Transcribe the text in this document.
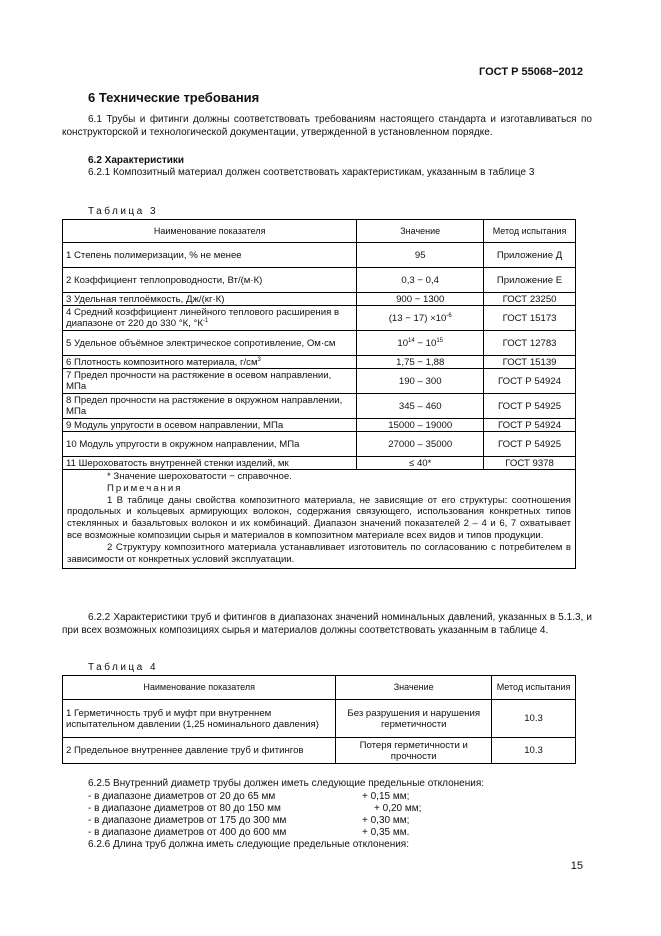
ГОСТ Р 55068−2012
6 Технические требования
6.1 Трубы и фитинги должны соответствовать требованиям настоящего стандарта и изготавливаться по конструкторской и технологической документации, утвержденной в установленном порядке.
6.2 Характеристики
6.2.1 Композитный материал должен соответствовать характеристикам, указанным в таблице 3
Таблица 3
Наименование показателя	Значение	Метод испытания
1 Степень полимеризации, % не менее	95	Приложение Д
2 Коэффициент теплопроводности, Вт/(м·К)	0,3 − 0,4	Приложение Е
3 Удельная теплоёмкость, Дж/(кг·К)	900 − 1300	ГОСТ 23250
4 Средний коэффициент линейного теплового расширения в диапазоне от 220 до 330 °К, $^\circ К^{-1}$	$(13 - 17) \times 10^{-6}$	ГОСТ 15173
5 Удельное объёмное электрическое сопротивление, Ом·см	$10^{14} - 10^{15}$	ГОСТ 12783
6 Плотность композитного материала, $г/см^3$	1,75 − 1,88	ГОСТ 15139
7 Предел прочности на растяжение в осевом направлении, МПа	190 – 300	ГОСТ Р 54924
8 Предел прочности на растяжение в окружном направлении, МПа	345 – 460	ГОСТ Р 54925
9 Модуль упругости в осевом направлении, МПа	15000 – 19000	ГОСТ Р 54924
10 Модуль упругости в окружном направлении, МПа	27000 – 35000	ГОСТ Р 54925
11 Шероховатость внутренней стенки изделий, мк	≤ 40*	ГОСТ 9378

* Значение шероховатости − справочное.
Примечания
1 В таблице даны свойства композитного материала, не зависящие от его структуры: соотношения продольных и кольцевых армирующих волокон, содержания связующего, использования конкретных типов стеклянных и базальтовых волокон и их комбинаций. Диапазон значений показателей 2 – 4 и 6, 7 охватывает все возможные композиции сырья и материалов в композитном материале всех видов и типов продукции.
2 Структуру композитного материала устанавливает изготовитель по согласованию с потребителем в зависимости от конкретных условий эксплуатации.		
6.2.2 Характеристики труб и фитингов в диапазонах значений номинальных давлений, указанных в 5.1.3, и при всех возможных композициях сырья и материалов должны соответствовать указанным в таблице 4.
Таблица 4
Наименование показателя	Значение	Метод испытания
1 Герметичность труб и муфт при внутреннем испытательном давлении (1,25 номинального давления)	Без разрушения и нарушения герметичности	10.3
2 Предельное внутреннее давление труб и фитингов	Потеря герметичности и прочности	10.3
6.2.5 Внутренний диаметр трубы должен иметь следующие предельные отклонения:
- в диапазоне диаметров от 20 до 65 мм	+ 0,15 мм;
- в диапазоне диаметров от 80 до 150 мм	+ 0,20 мм;
- в диапазоне диаметров от 175 до 300 мм	+ 0,30 мм;
- в диапазоне диаметров от 400 до 600 мм	+ 0,35 мм.
6.2.6 Длина труб должна иметь следующие предельные отклонения:
15
